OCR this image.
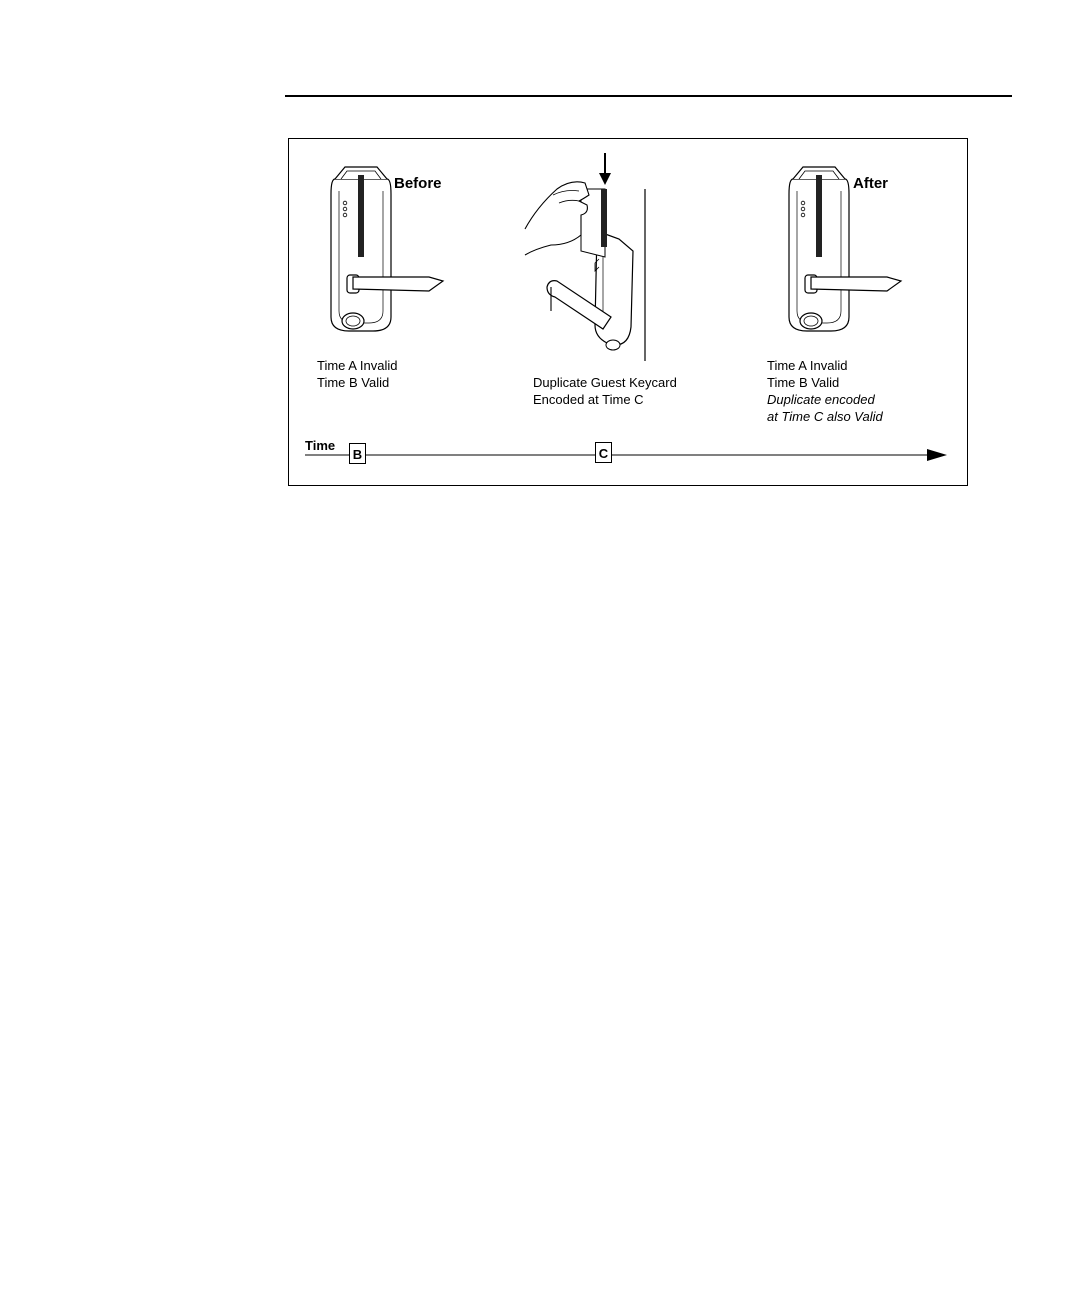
Before	After
Time A Invalid
Time B Valid	Duplicate Guest Keycard
Encoded at Time C
Time A Invalid
Time B Valid
Duplicate encoded
at Time C also Valid
Time
B	C
